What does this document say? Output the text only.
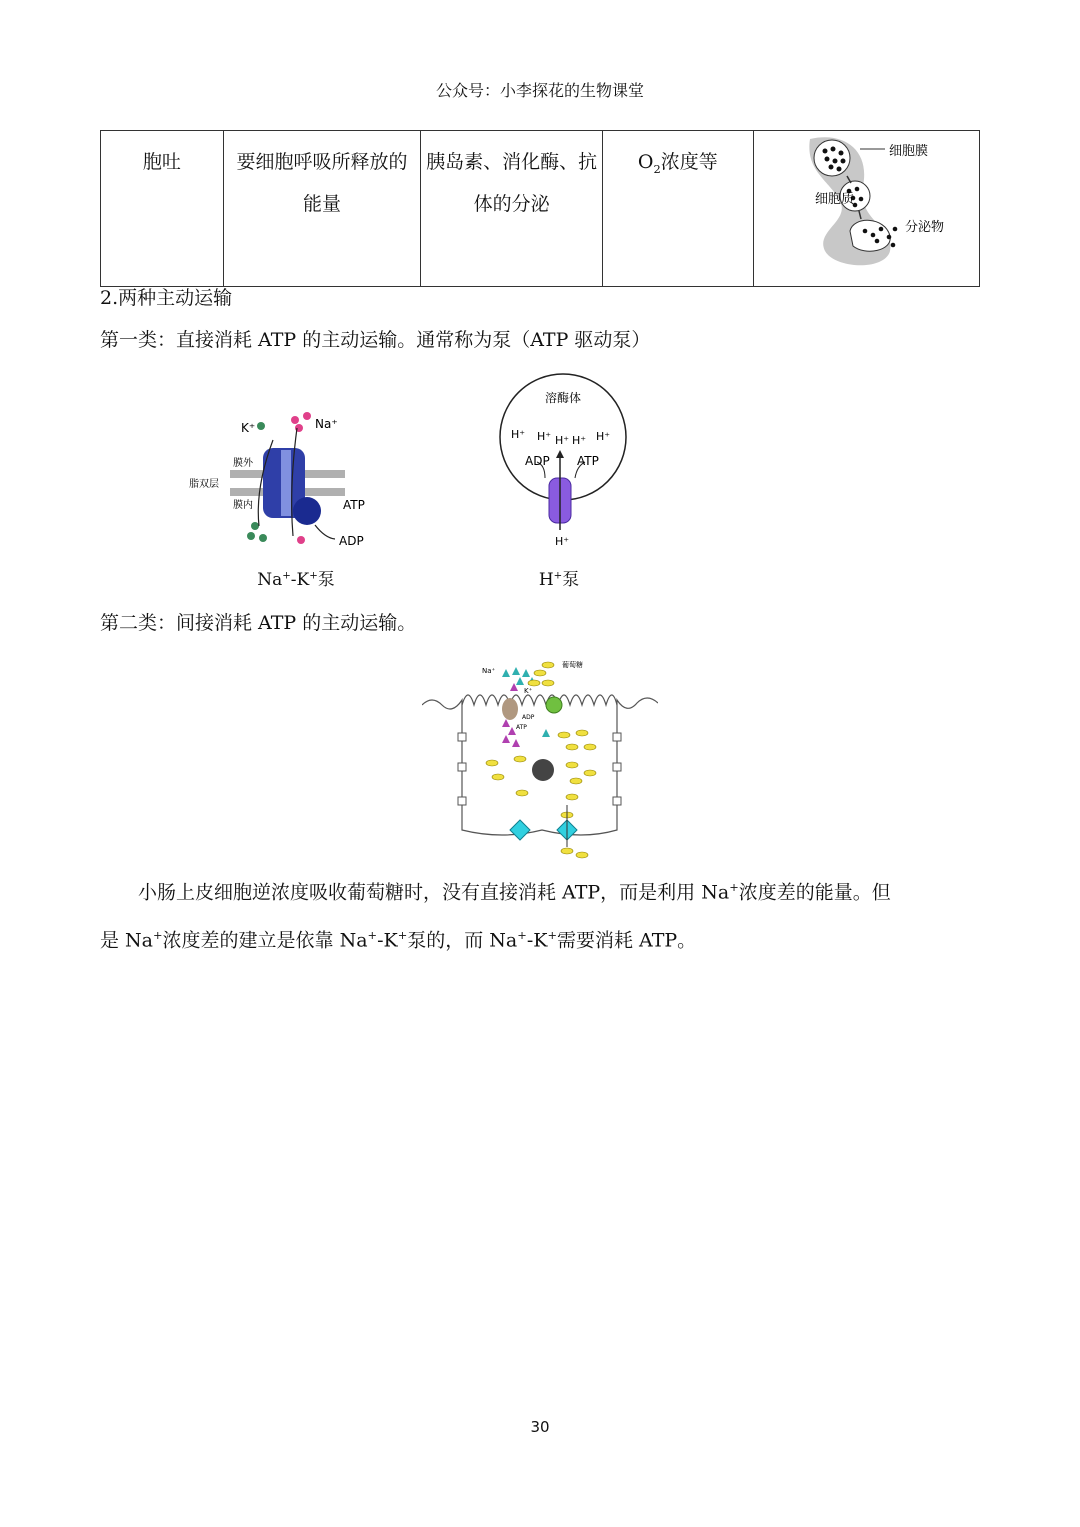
公众号：小李探花的生物课堂
胞吐	要细胞呼吸所释放的能量	胰岛素、消化酶、抗体的分泌	$O_2$浓度等	细胞膜
细胞质
分泌物
2.两种主动运输
第一类：直接消耗 ATP 的主动运输。通常称为泵（ATP 驱动泵）
K⁺	Na⁺
膜外
脂双层
膜内	ATP
ADP
Na+-K+泵
溶酶体
H⁺ H⁺ H⁺ H⁺ H⁺
ADP ATP
H⁺
H+泵
第二类：间接消耗 ATP 的主动运输。
Na⁺
葡萄糖
K⁺
ADP
ATP
小肠上皮细胞逆浓度吸收葡萄糖时，没有直接消耗 ATP，而是利用 Na+浓度差的能量。但
是 Na+浓度差的建立是依靠 Na+-K+泵的，而 Na+-K+需要消耗 ATP。
30
